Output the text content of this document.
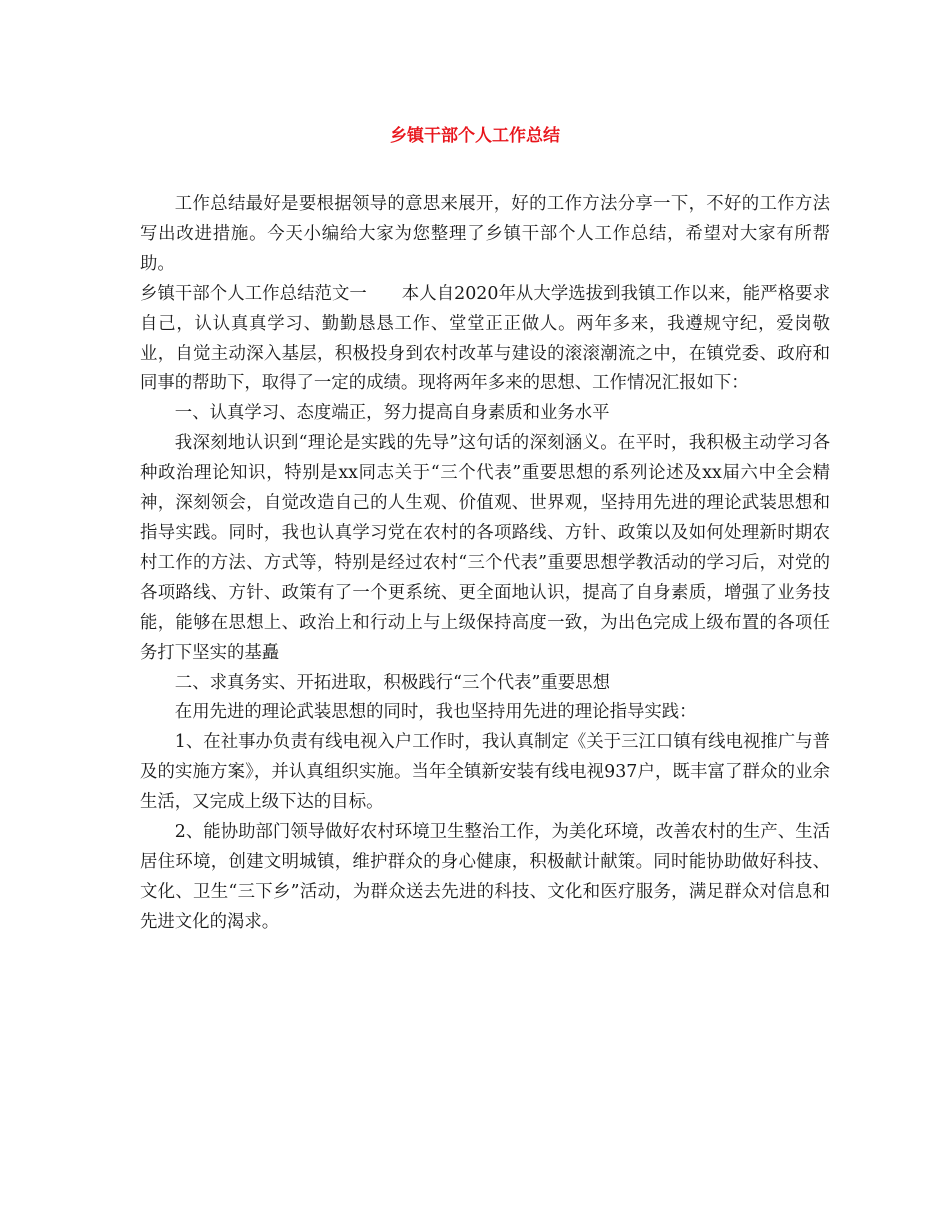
乡镇干部个人工作总结

工作总结最好是要根据领导的意思来展开，好的工作方法分享一下，不好的工作方法写出改进措施。今天小编给大家为您整理了乡镇干部个人工作总结，希望对大家有所帮助。

乡镇干部个人工作总结范文一　　本人自2020年从大学选拔到我镇工作以来，能严格要求自己，认认真真学习、勤勤恳恳工作、堂堂正正做人。两年多来，我遵规守纪，爱岗敬业，自觉主动深入基层，积极投身到农村改革与建设的滚滚潮流之中，在镇党委、政府和同事的帮助下，取得了一定的成绩。现将两年多来的思想、工作情况汇报如下：

一、认真学习、态度端正，努力提高自身素质和业务水平

我深刻地认识到“理论是实践的先导”这句话的深刻涵义。在平时，我积极主动学习各种政治理论知识，特别是xx同志关于“三个代表”重要思想的系列论述及xx届六中全会精神，深刻领会，自觉改造自己的人生观、价值观、世界观，坚持用先进的理论武装思想和指导实践。同时，我也认真学习党在农村的各项路线、方针、政策以及如何处理新时期农村工作的方法、方式等，特别是经过农村“三个代表”重要思想学教活动的学习后，对党的各项路线、方针、政策有了一个更系统、更全面地认识，提高了自身素质，增强了业务技能，能够在思想上、政治上和行动上与上级保持高度一致，为出色完成上级布置的各项任务打下坚实的基矗

二、求真务实、开拓进取，积极践行“三个代表”重要思想

在用先进的理论武装思想的同时，我也坚持用先进的理论指导实践：

1、在社事办负责有线电视入户工作时，我认真制定《关于三江口镇有线电视推广与普及的实施方案》，并认真组织实施。当年全镇新安装有线电视937户，既丰富了群众的业余生活，又完成上级下达的目标。

2、能协助部门领导做好农村环境卫生整治工作，为美化环境，改善农村的生产、生活居住环境，创建文明城镇，维护群众的身心健康，积极献计献策。同时能协助做好科技、文化、卫生“三下乡”活动，为群众送去先进的科技、文化和医疗服务，满足群众对信息和先进文化的渴求。
